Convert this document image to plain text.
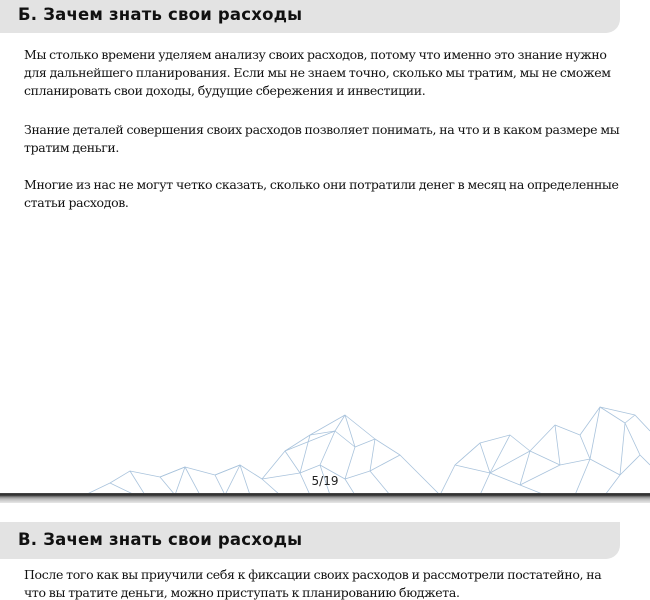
Б. Зачем знать свои расходы

Мы столько времени уделяем анализу своих расходов, потому что именно это знание нужно для дальнейшего планирования. Если мы не знаем точно, сколько мы тратим, мы не сможем спланировать свои доходы, будущие сбережения и инвестиции.

Знание деталей совершения своих расходов позволяет понимать, на что и в каком размере мы тратим деньги.

Многие из нас не могут четко сказать, сколько они потратили денег в месяц на определенные статьи расходов.

5/19
В. Зачем знать свои расходы

После того как вы приучили себя к фиксации своих расходов и рассмотрели постатейно, на что вы тратите деньги, можно приступать к планированию бюджета.
